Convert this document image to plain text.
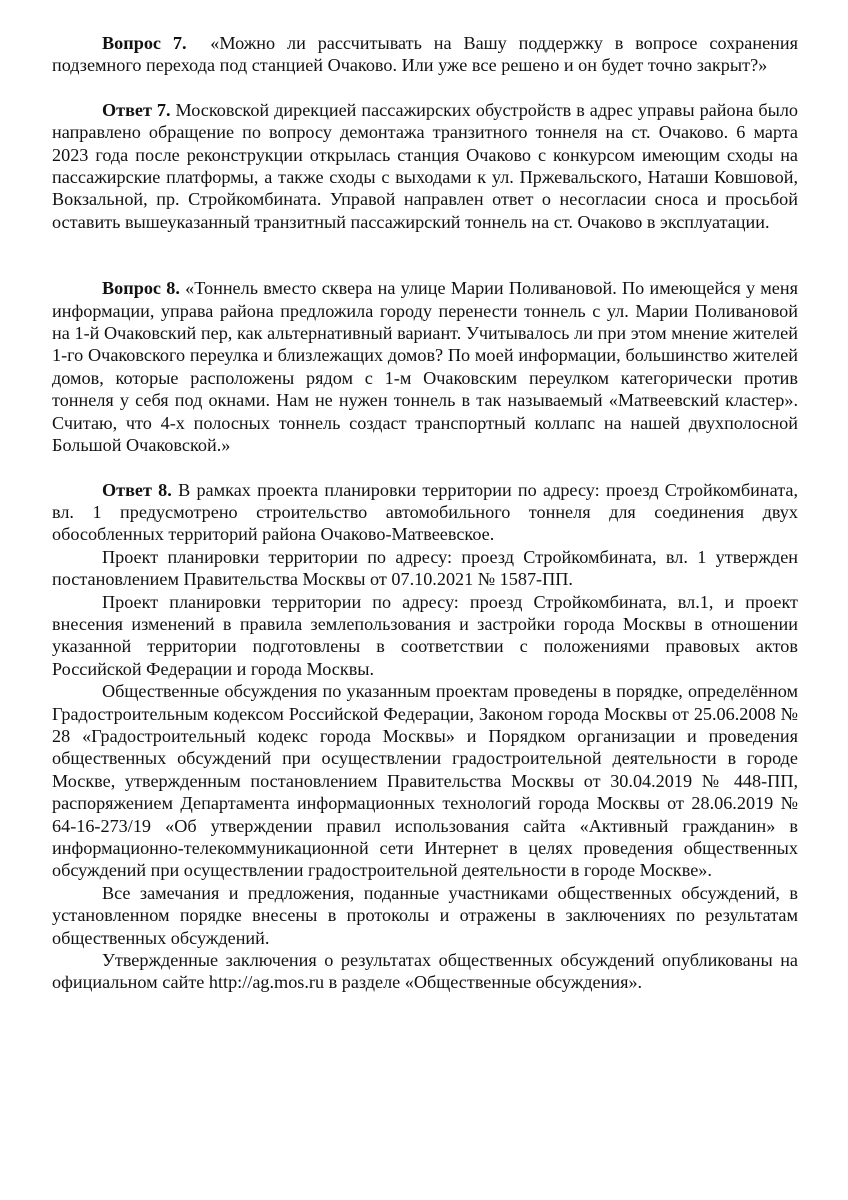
Вопрос 7. «Можно ли рассчитывать на Вашу поддержку в вопросе сохранения подземного перехода под станцией Очаково. Или уже все решено и он будет точно закрыт?»

Ответ 7. Московской дирекцией пассажирских обустройств в адрес управы района было направлено обращение по вопросу демонтажа транзитного тоннеля на ст. Очаково. 6 марта 2023 года после реконструкции открылась станция Очаково с конкурсом имеющим сходы на пассажирские платформы, а также сходы с выходами к ул. Пржевальского, Наташи Ковшовой, Вокзальной, пр. Стройкомбината. Управой направлен ответ о несогласии сноса и просьбой оставить вышеуказанный транзитный пассажирский тоннель на ст. Очаково в эксплуатации.

Вопрос 8. «Тоннель вместо сквера на улице Марии Поливановой. По имеющейся у меня информации, управа района предложила городу перенести тоннель с ул. Марии Поливановой на 1-й Очаковский пер, как альтернативный вариант. Учитывалось ли при этом мнение жителей 1-го Очаковского переулка и близлежащих домов? По моей информации, большинство жителей домов, которые расположены рядом с 1-м Очаковским переулком категорически против тоннеля у себя под окнами. Нам не нужен тоннель в так называемый «Матвеевский кластер». Считаю, что 4-х полосных тоннель создаст транспортный коллапс на нашей двухполосной Большой Очаковской.»

Ответ 8. В рамках проекта планировки территории по адресу: проезд Стройкомбината, вл. 1 предусмотрено строительство автомобильного тоннеля для соединения двух обособленных территорий района Очаково-Матвеевское.

Проект планировки территории по адресу: проезд Стройкомбината, вл. 1 утвержден постановлением Правительства Москвы от 07.10.2021 № 1587-ПП.

Проект планировки территории по адресу: проезд Стройкомбината, вл.1, и проект внесения изменений в правила землепользования и застройки города Москвы в отношении указанной территории подготовлены в соответствии с положениями правовых актов Российской Федерации и города Москвы.

Общественные обсуждения по указанным проектам проведены в порядке, определённом Градостроительным кодексом Российской Федерации, Законом города Москвы от 25.06.2008 № 28 «Градостроительный кодекс города Москвы» и Порядком организации и проведения общественных обсуждений при осуществлении градостроительной деятельности в городе Москве, утвержденным постановлением Правительства Москвы от 30.04.2019 № 448-ПП, распоряжением Департамента информационных технологий города Москвы от 28.06.2019 № 64-16-273/19 «Об утверждении правил использования сайта «Активный гражданин» в информационно-телекоммуникационной сети Интернет в целях проведения общественных обсуждений при осуществлении градостроительной деятельности в городе Москве».

Все замечания и предложения, поданные участниками общественных обсуждений, в установленном порядке внесены в протоколы и отражены в заключениях по результатам общественных обсуждений.

Утвержденные заключения о результатах общественных обсуждений опубликованы на официальном сайте http://ag.mos.ru в разделе «Общественные обсуждения».
